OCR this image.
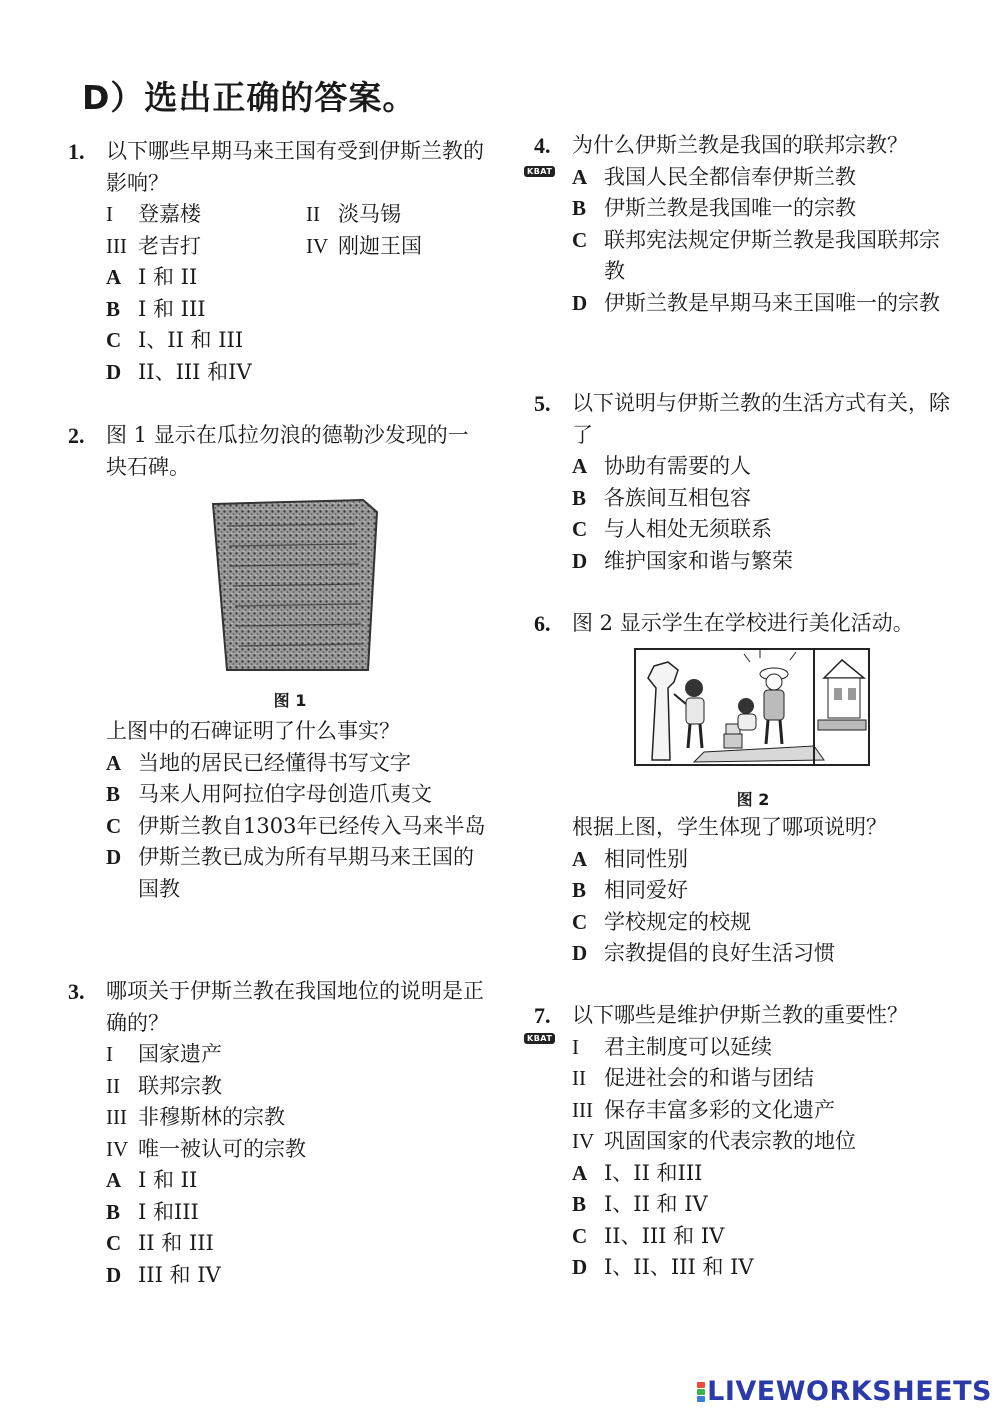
D）选出正确的答案。
1. 以下哪些早期马来王国有受到伊斯兰教的影响？
I	登嘉楼	II 淡马锡
III 老吉打	IV 刚迦王国
A I 和 II
B I 和 III
C I、II 和 III
D II、III 和IV
2. 图 1 显示在瓜拉勿浪的德勒沙发现的一块石碑。
图 1
上图中的石碑证明了什么事实？
A 当地的居民已经懂得书写文字
B 马来人用阿拉伯字母创造爪夷文
C 伊斯兰教自1303年已经传入马来半岛
D 伊斯兰教已成为所有早期马来王国的国教
3. 哪项关于伊斯兰教在我国地位的说明是正确的？
I	国家遗产
II 联邦宗教
III 非穆斯林的宗教
IV 唯一被认可的宗教
A I 和 II
B I 和III
C II 和 III
D III 和 IV
KBAT
4. 为什么伊斯兰教是我国的联邦宗教？
A 我国人民全都信奉伊斯兰教
B 伊斯兰教是我国唯一的宗教
C 联邦宪法规定伊斯兰教是我国联邦宗教
D 伊斯兰教是早期马来王国唯一的宗教
5. 以下说明与伊斯兰教的生活方式有关，除了
A 协助有需要的人
B 各族间互相包容
C 与人相处无须联系
D 维护国家和谐与繁荣
6. 图 2 显示学生在学校进行美化活动。
图 2
根据上图，学生体现了哪项说明？
A 相同性别
B 相同爱好
C 学校规定的校规
D 宗教提倡的良好生活习惯
KBAT
7. 以下哪些是维护伊斯兰教的重要性？
I	君主制度可以延续
II 促进社会的和谐与团结
III 保存丰富多彩的文化遗产
IV 巩固国家的代表宗教的地位
A I、II 和III
B I、II 和 IV
C II、III 和 IV
D I、II、III 和 IV
LIVEWORKSHEETS
